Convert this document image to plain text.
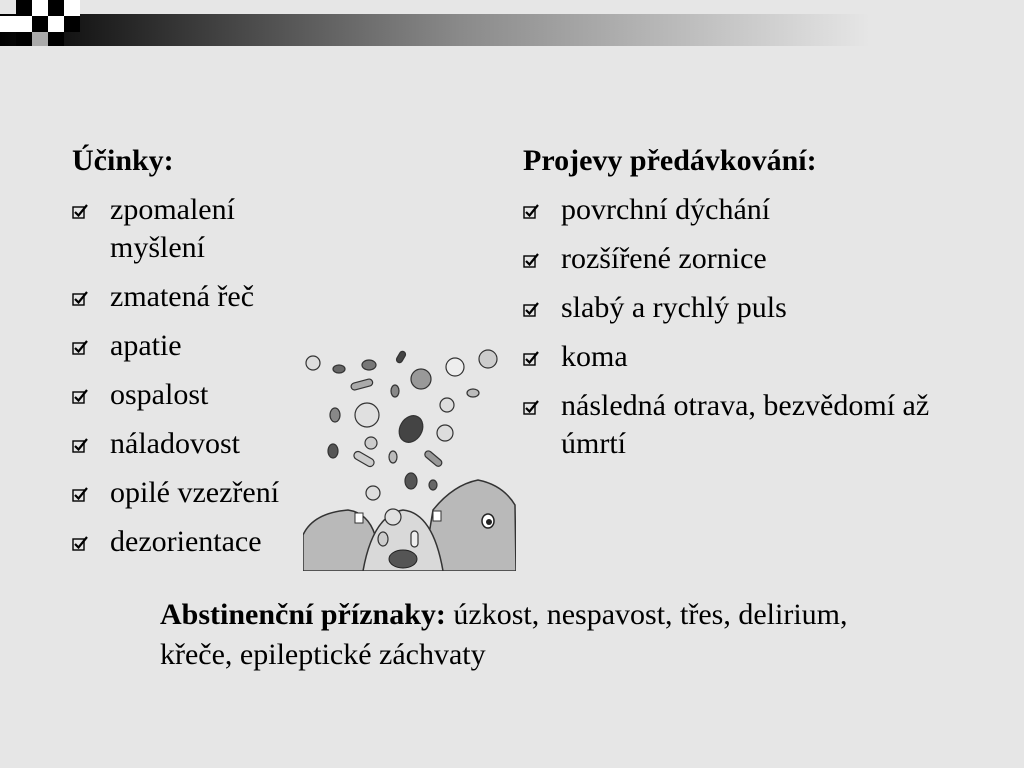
Účinky:
zpomalení myšlení
zmatená řeč
apatie
ospalost
náladovost
opilé vzezření
dezorientace
Projevy předávkování:
povrchní dýchání
rozšířené zornice
slabý a rychlý puls
koma
následná otrava, bezvědomí až úmrtí
Abstinenční příznaky: úzkost, nespavost, třes, delirium, křeče, epileptické záchvaty
